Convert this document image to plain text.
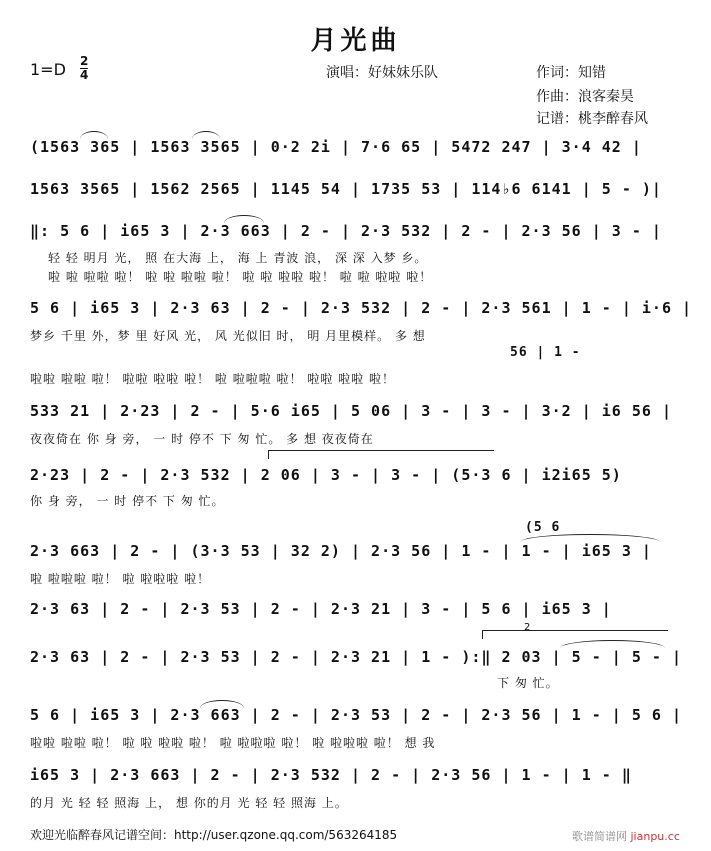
月光曲
1=D 2
4	演唱：好妹妹乐队	作词：知错
作曲：浪客秦昊
记谱：桃李醉春风
(1563 365 | 1563 3565 | 0·2 2i | 7·6 65 | 5472 247 | 3·4 42 |
1563 3565 | 1562 2565 | 1145 54 | 1735 53 | 114♭6 6141 | 5 - )|
‖: 5 6 | i65 3 | 2·3 663 | 2 - | 2·3 532 | 2 - | 2·3 56 | 3 - |
轻 轻 明月 光， 照 在大海 上， 海 上 青波 浪， 深 深 入梦 乡。
啦 啦 啦啦 啦！ 啦 啦 啦啦 啦！ 啦 啦 啦啦 啦！ 啦 啦 啦啦 啦！
5 6 | i65 3 | 2·3 63 | 2 - | 2·3 532 | 2 - | 2·3 561 | 1 - | i·6 |
梦乡 千里 外，梦 里 好风 光， 风 光似旧 时， 明 月里模样。 多 想
56 | 1 -
啦啦 啦啦 啦！ 啦啦 啦啦 啦！ 啦 啦啦啦 啦！ 啦啦 啦啦 啦！
533 21 | 2·23 | 2 - | 5·6 i65 | 5 06 | 3 - | 3 - | 3·2 | i6 56 |
夜夜倚在 你 身 旁， 一 时 停不 下 匆 忙。 多 想 夜夜倚在
2·23 | 2 - | 2·3 532 | 2 06 | 3 - | 3 - | (5·3 6 | i2i65 5)
你 身 旁， 一 时 停不 下 匆 忙。
(5 6
2·3 663 | 2 - | (3·3 53 | 32 2) | 2·3 56 | 1 - | 1 - | i65 3 |
啦 啦啦啦 啦！ 啦 啦啦啦 啦！
2·3 63 | 2 - | 2·3 53 | 2 - | 2·3 21 | 3 - | 5 6 | i65 3 |
2
2·3 63 | 2 - | 2·3 53 | 2 - | 2·3 21 | 1 - ):‖ 2 03 | 5 - | 5 - |
下 匆 忙。
5 6 | i65 3 | 2·3 663 | 2 - | 2·3 53 | 2 - | 2·3 56 | 1 - | 5 6 |
啦啦 啦啦 啦！ 啦 啦 啦啦 啦！ 啦 啦啦啦 啦！ 啦 啦啦啦 啦！ 想 我
i65 3 | 2·3 663 | 2 - | 2·3 532 | 2 - | 2·3 56 | 1 - | 1 - ‖
的月 光 轻 轻 照海 上， 想 你的月 光 轻 轻 照海 上。
欢迎光临醉春风记谱空间：http://user.qzone.qq.com/563264185	歌谱简谱网 jianpu.cc
